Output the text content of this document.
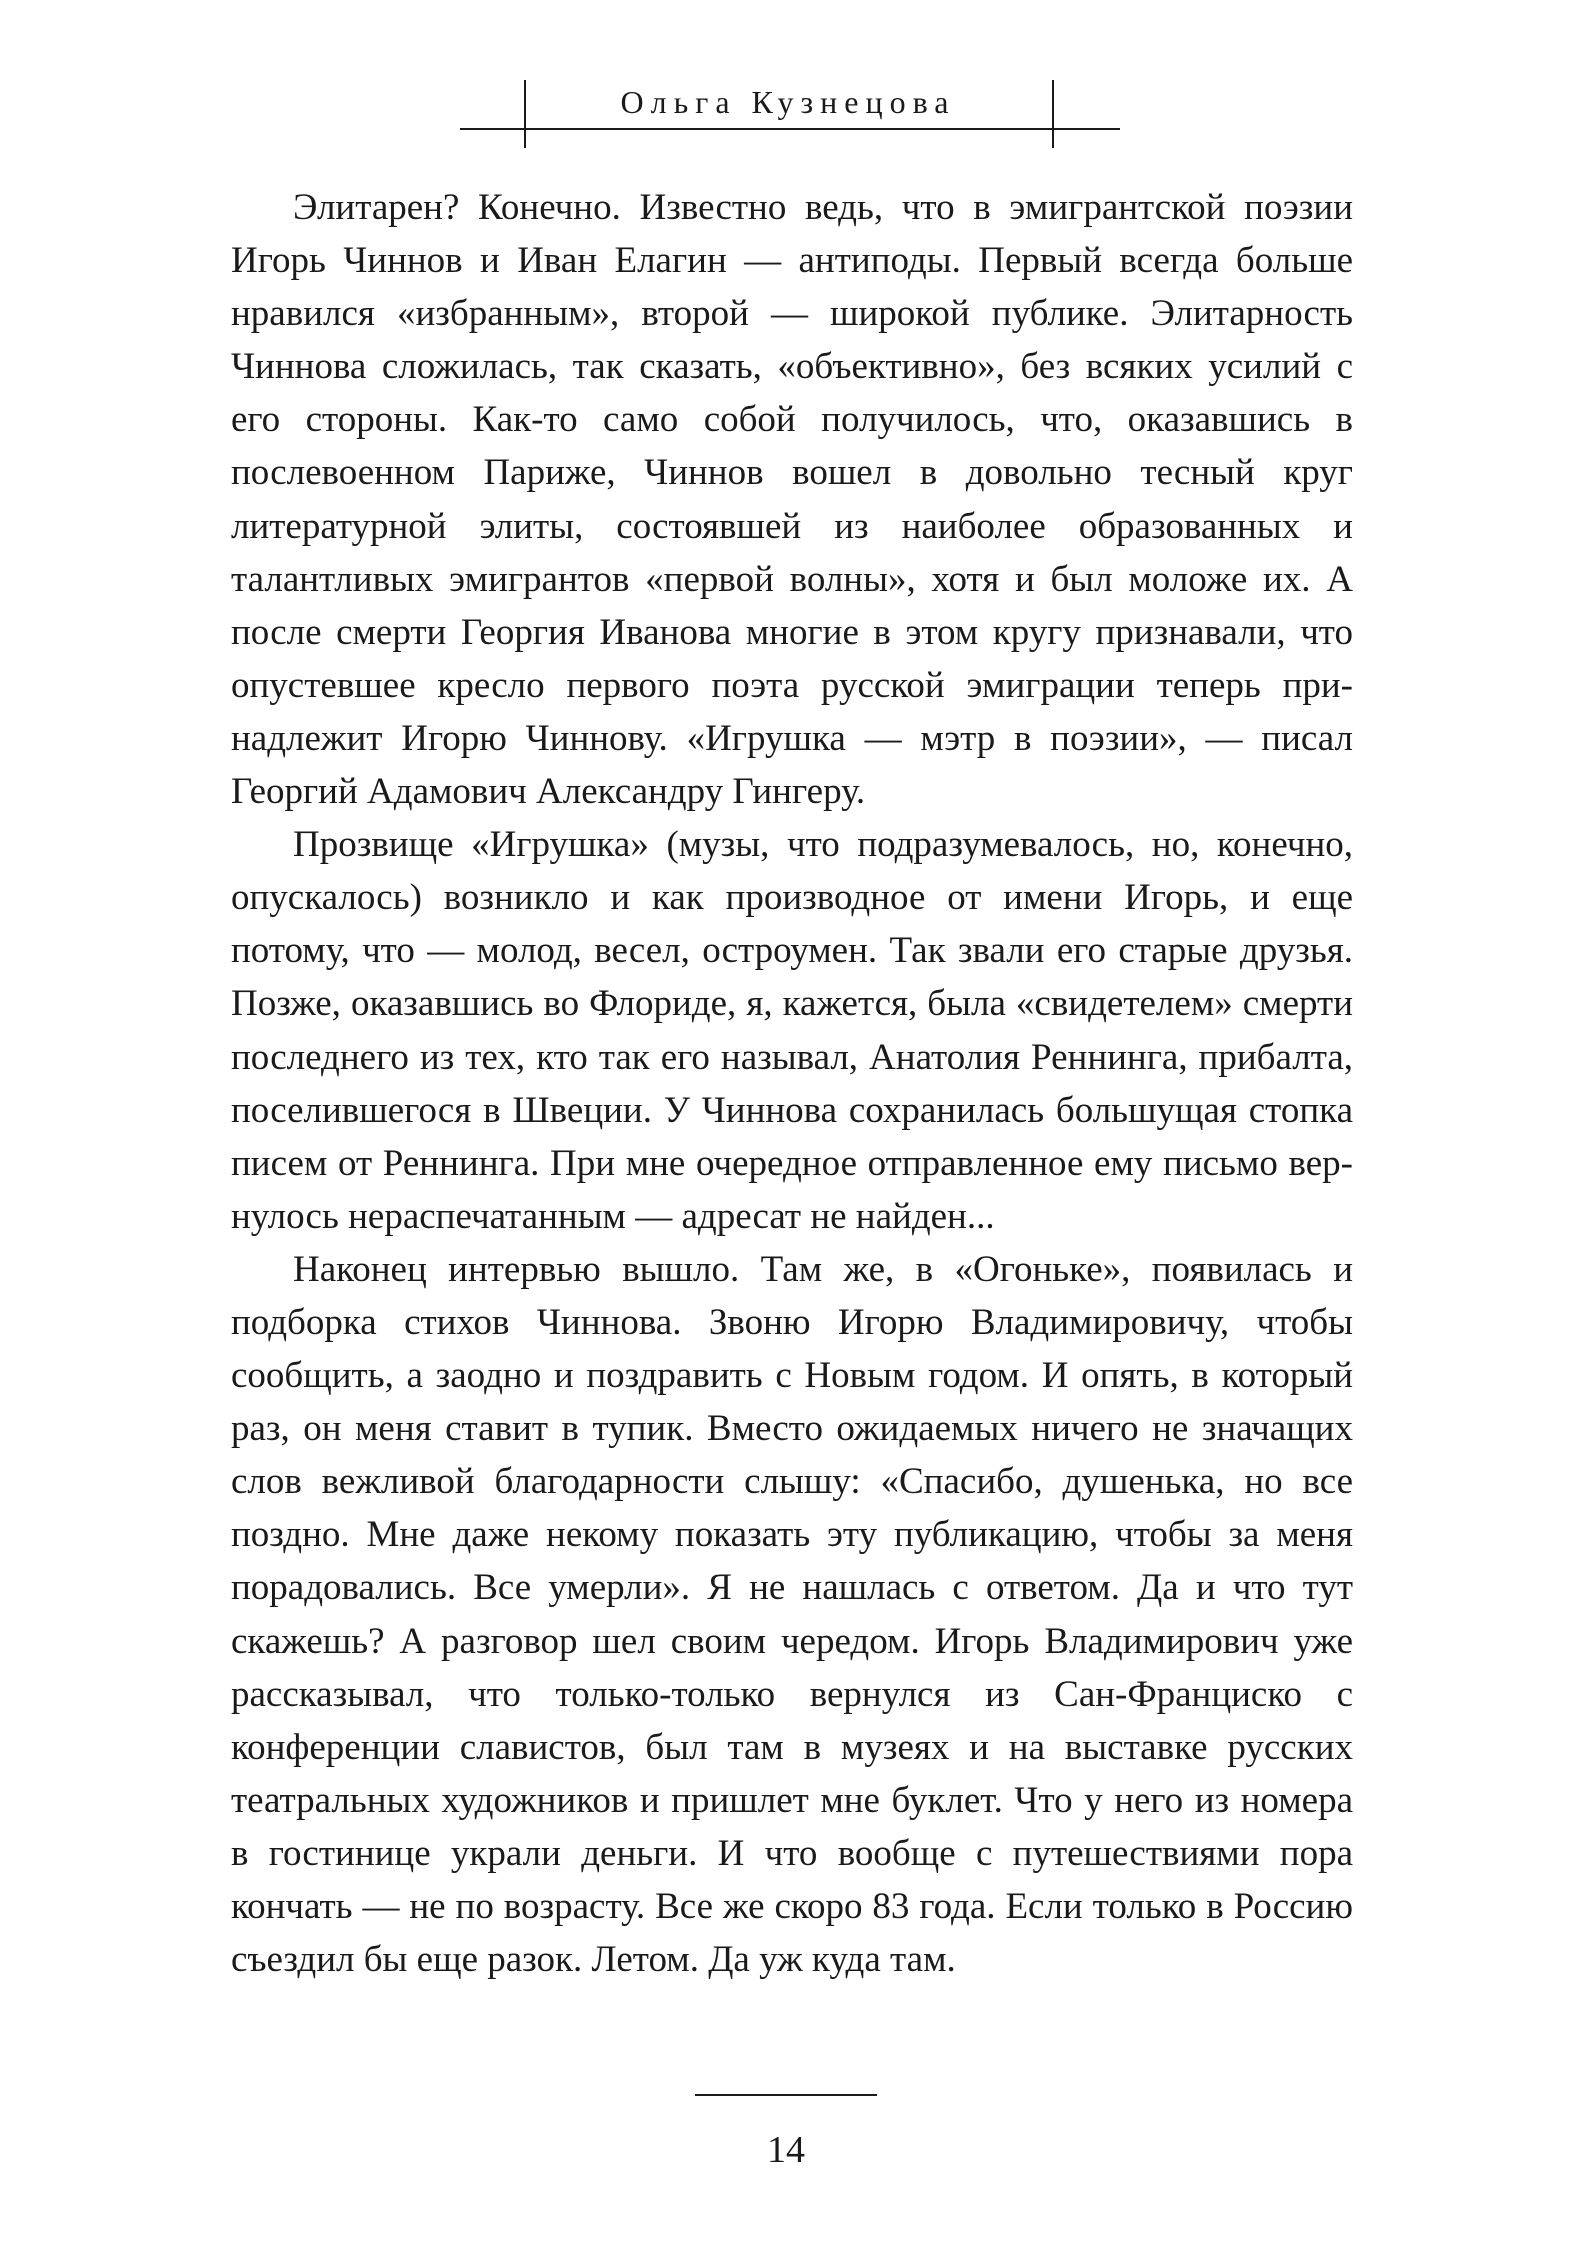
Ольга Кузнецова

Элитарен? Конечно. Известно ведь, что в эмигрантской поэзии Игорь Чиннов и Иван Елагин — антиподы. Первый всегда больше нравился «избранным», второй — широкой публике. Элитарность Чиннова сложилась, так сказать, «объективно», без всяких усилий с его стороны. Как-то само собой получилось, что, оказавшись в послевоенном Париже, Чиннов вошел в довольно тесный круг литературной элиты, состоявшей из наиболее образованных и талантливых эмигрантов «первой волны», хотя и был моложе их. А после смерти Георгия Иванова многие в этом кругу признавали, что опустевшее кресло первого поэта русской эмиграции теперь принадлежит Игорю Чиннову. «Игрушка — мэтр в поэзии», — писал Георгий Адамович Александру Гингеру.

Прозвище «Игрушка» (музы, что подразумевалось, но, конечно, опускалось) возникло и как производное от имени Игорь, и еще потому, что — молод, весел, остроумен. Так звали его старые друзья. Позже, оказавшись во Флориде, я, кажется, была «свидетелем» смерти последнего из тех, кто так его называл, Анатолия Реннинга, прибалта, поселившегося в Швеции. У Чиннова сохранилась большущая стопка писем от Реннинга. При мне очередное отправленное ему письмо вернулось нераспечатанным — адресат не найден...

Наконец интервью вышло. Там же, в «Огоньке», появилась и подборка стихов Чиннова. Звоню Игорю Владимировичу, чтобы сообщить, а заодно и поздравить с Новым годом. И опять, в который раз, он меня ставит в тупик. Вместо ожидаемых ничего не значащих слов вежливой благодарности слышу: «Спасибо, душенька, но все поздно. Мне даже некому показать эту публикацию, чтобы за меня порадовались. Все умерли». Я не нашлась с ответом. Да и что тут скажешь? А разговор шел своим чередом. Игорь Владимирович уже рассказывал, что только-только вернулся из Сан-Франциско с конференции славистов, был там в музеях и на выставке русских театральных художников и пришлет мне буклет. Что у него из номера в гостинице украли деньги. И что вообще с путешествиями пора кончать — не по возрасту. Все же скоро 83 года. Если только в Россию съездил бы еще разок. Летом. Да уж куда там.

14
